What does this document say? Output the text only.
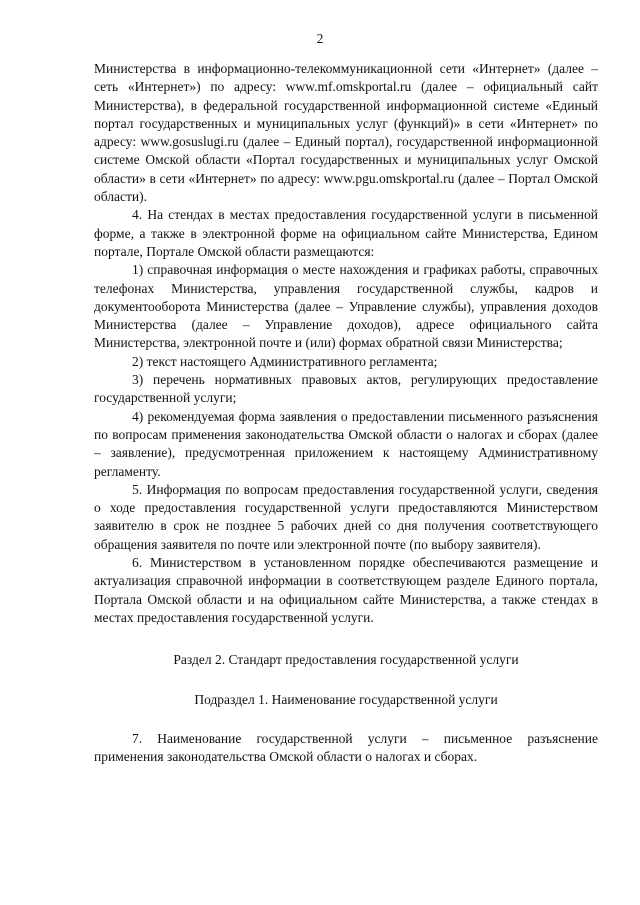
2

Министерства в информационно-телекоммуникационной сети «Интернет» (далее – сеть «Интернет») по адресу: www.mf.omskportal.ru (далее – официальный сайт Министерства), в федеральной государственной информационной системе «Единый портал государственных и муниципальных услуг (функций)» в сети «Интернет» по адресу: www.gosuslugi.ru (далее – Единый портал), государственной информационной системе Омской области «Портал государственных и муниципальных услуг Омской области» в сети «Интернет» по адресу: www.pgu.omskportal.ru (далее – Портал Омской области).

4. На стендах в местах предоставления государственной услуги в письменной форме, а также в электронной форме на официальном сайте Министерства, Едином портале, Портале Омской области размещаются:

1) справочная информация о месте нахождения и графиках работы, справочных телефонах Министерства, управления государственной службы, кадров и документооборота Министерства (далее – Управление службы), управления доходов Министерства (далее – Управление доходов), адресе официального сайта Министерства, электронной почте и (или) формах обратной связи Министерства;

2) текст настоящего Административного регламента;

3) перечень нормативных правовых актов, регулирующих предоставление государственной услуги;

4) рекомендуемая форма заявления о предоставлении письменного разъяснения по вопросам применения законодательства Омской области о налогах и сборах (далее – заявление), предусмотренная приложением к настоящему Административному регламенту.

5. Информация по вопросам предоставления государственной услуги, сведения о ходе предоставления государственной услуги предоставляются Министерством заявителю в срок не позднее 5 рабочих дней со дня получения соответствующего обращения заявителя по почте или электронной почте (по выбору заявителя).

6. Министерством в установленном порядке обеспечиваются размещение и актуализация справочной информации в соответствующем разделе Единого портала, Портала Омской области и на официальном сайте Министерства, а также стендах в местах предоставления государственной услуги.

Раздел 2. Стандарт предоставления государственной услуги

Подраздел 1. Наименование государственной услуги

7. Наименование государственной услуги – письменное разъяснение применения законодательства Омской области о налогах и сборах.
